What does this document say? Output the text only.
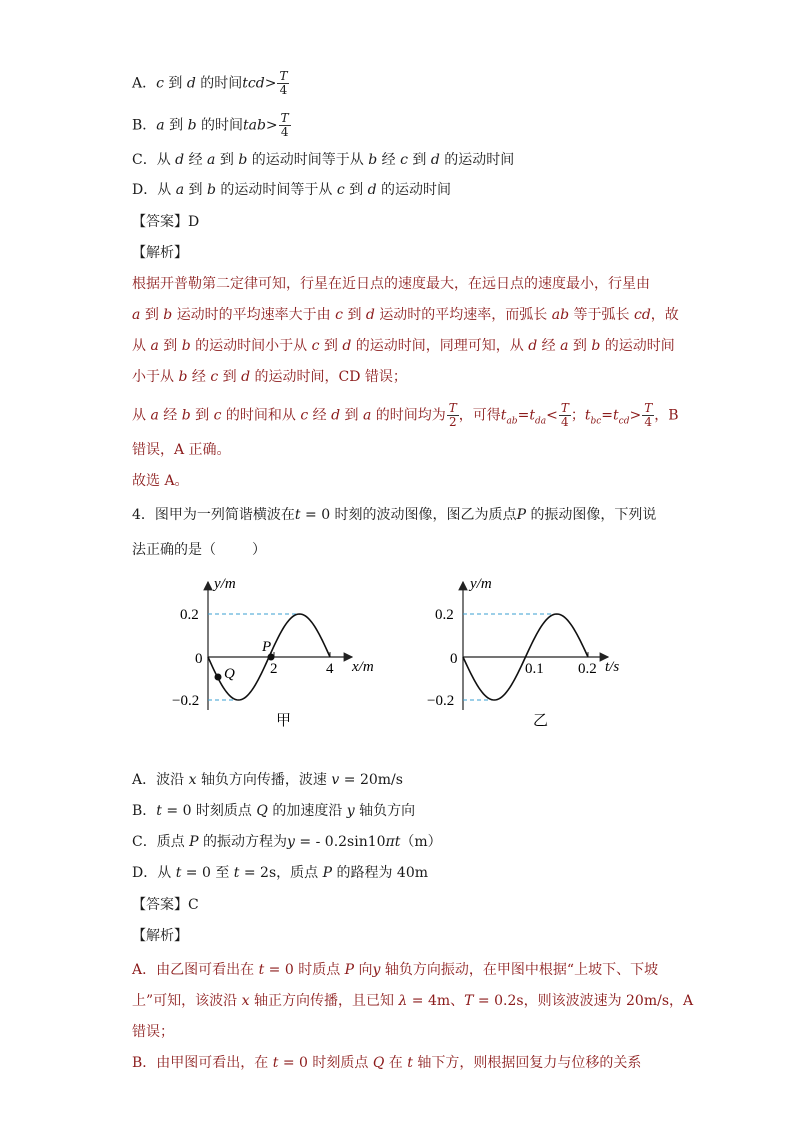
A．c 到 d 的时间$tcd> \frac{T}{4}$
B．a 到 b 的时间$tab> \frac{T}{4}$
C．从 d 经 a 到 b 的运动时间等于从 b 经 c 到 d 的运动时间
D．从 a 到 b 的运动时间等于从 c 到 d 的运动时间
【答案】D
【解析】
根据开普勒第二定律可知，行星在近日点的速度最大，在远日点的速度最小，行星由
a 到 b 运动时的平均速率大于由 c 到 d 运动时的平均速率，而弧长 ab 等于弧长 cd，故
从 a 到 b 的运动时间小于从 c 到 d 的运动时间，同理可知，从 d 经 a 到 b 的运动时间
小于从 b 经 c 到 d 的运动时间，CD 错误；
从 a 经 b 到 c 的时间和从 c 经 d 到 a 的时间均为 $\frac{T}{2}$ ，可得$t_{ab}=t_{da}< \frac{T}{4}$ ；$t_{bc}=t_{cd}> \frac{T}{4}$ ，B
错误，A 正确。
故选 A。
4．图甲为一列简谐横波在t = 0 时刻的波动图像，图乙为质点P 的振动图像，下列说
法正确的是（	）
y/m
x/m
0.2
0
−0.2
2	4
P
Q
甲
y/m
t/s
0.2
0
−0.2
0.1 0.2
乙
A．波沿 x 轴负方向传播，波速 v = 20m/s
B．t = 0 时刻质点 Q 的加速度沿 y 轴负方向
C．质点 P 的振动方程为y = - 0.2sin10πt（m）
D．从 t = 0 至 t = 2s，质点 P 的路程为 40m
【答案】C
【解析】
A．由乙图可看出在 t = 0 时质点 P 向y 轴负方向振动，在甲图中根据“上坡下、下坡
上”可知，该波沿 x 轴正方向传播，且已知 λ = 4m、T = 0.2s，则该波波速为 20m/s，A
错误；
B．由甲图可看出，在 t = 0 时刻质点 Q 在 t 轴下方，则根据回复力与位移的关系
